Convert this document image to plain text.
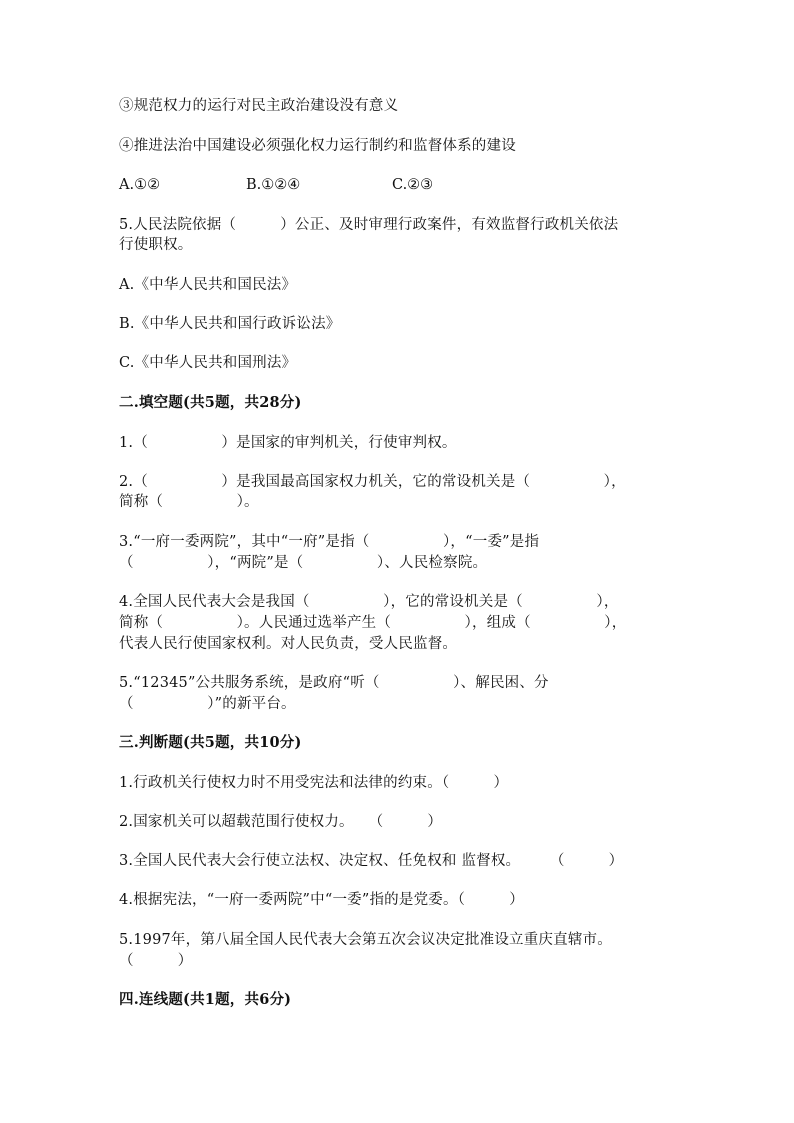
③规范权力的运行对民主政治建设没有意义
④推进法治中国建设必须强化权力运行制约和监督体系的建设
A.①②	B.①②④	C.②③
5.人民法院依据（　　　）公正、及时审理行政案件，有效监督行政机关依法
行使职权。
A.《中华人民共和国民法》
B.《中华人民共和国行政诉讼法》
C.《中华人民共和国刑法》
二.填空题(共5题，共28分)
1.（　　　　　）是国家的审判机关，行使审判权。
2.（　　　　　）是我国最高国家权力机关，它的常设机关是（　　　　　），
简称（　　　　　）。
3.“一府一委两院”，其中“一府”是指（　　　　　），“一委”是指
（　　　　　），“两院”是（　　　　　）、人民检察院。
4.全国人民代表大会是我国（　　　　　），它的常设机关是（　　　　　），
简称（　　　　　）。人民通过选举产生（　　　　　），组成（　　　　　），
代表人民行使国家权利。对人民负责，受人民监督。
5.“12345”公共服务系统，是政府“听（　　　　　）、解民困、分
（　　　　　）”的新平台。
三.判断题(共5题，共10分)
1.行政机关行使权力时不用受宪法和法律的约束。（　　　）
2.国家机关可以超载范围行使权力。　　（　　　）
3.全国人民代表大会行使立法权、决定权、任免权和 监督权。　　　（　　　）
4.根据宪法，“一府一委两院”中“一委”指的是党委。（　　　）
5.1997年，第八届全国人民代表大会第五次会议决定批准设立重庆直辖市。
（　　　）
四.连线题(共1题，共6分)
